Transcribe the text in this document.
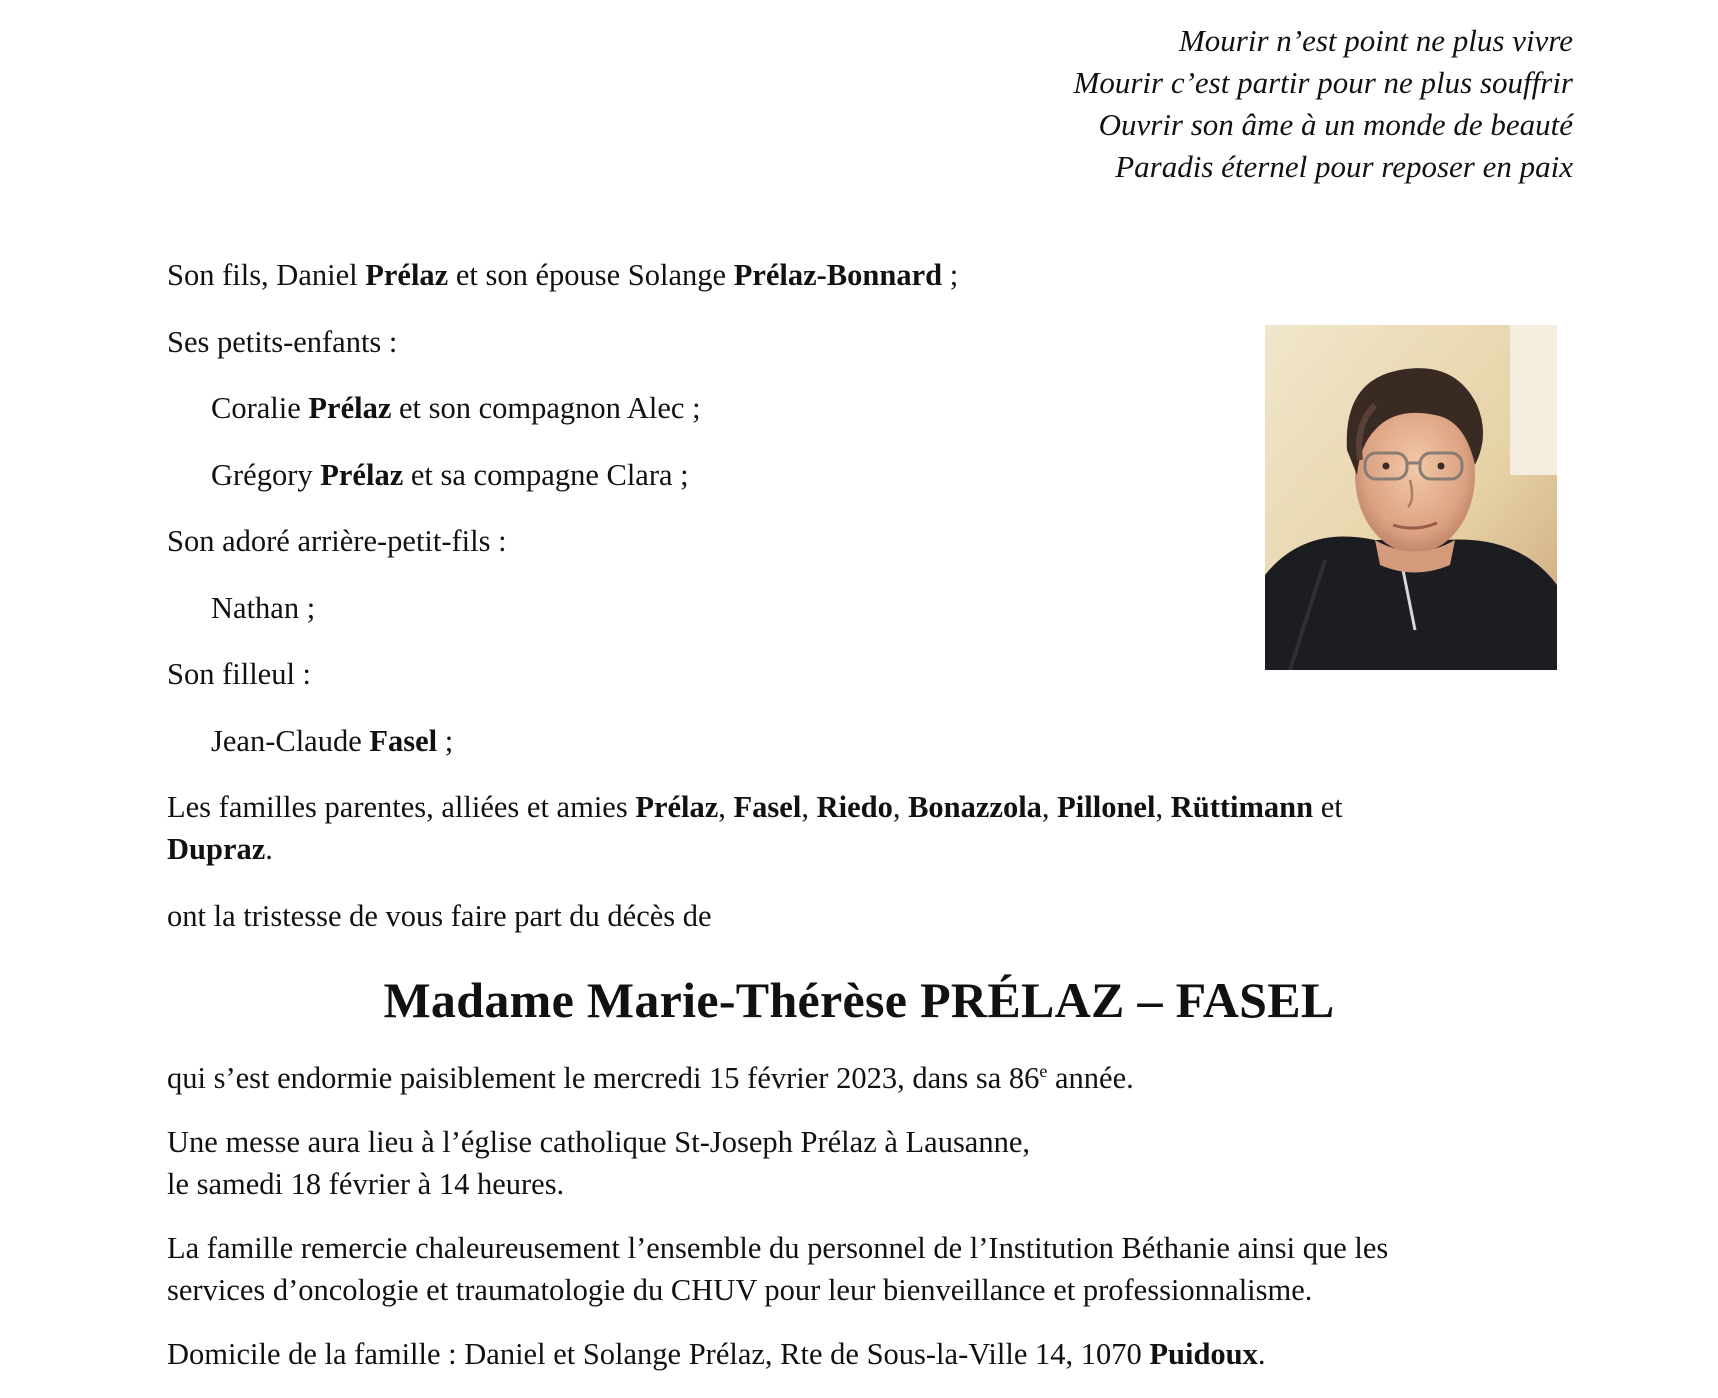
Mourir n’est point ne plus vivre
Mourir c’est partir pour ne plus souffrir
Ouvrir son âme à un monde de beauté
Paradis éternel pour reposer en paix

Son fils, Daniel Prélaz et son épouse Solange Prélaz-Bonnard ;

Ses petits-enfants :

Coralie Prélaz et son compagnon Alec ;

Grégory Prélaz et sa compagne Clara ;

Son adoré arrière-petit-fils :

Nathan ;

Son filleul :

Jean-Claude Fasel ;

Les familles parentes, alliées et amies Prélaz, Fasel, Riedo, Bonazzola, Pillonel, Rüttimann et
Dupraz.

ont la tristesse de vous faire part du décès de

Madame Marie-Thérèse PRÉLAZ – FASEL

qui s’est endormie paisiblement le mercredi 15 février 2023, dans sa 86e année.

Une messe aura lieu à l’église catholique St-Joseph Prélaz à Lausanne,
le samedi 18 février à 14 heures.

La famille remercie chaleureusement l’ensemble du personnel de l’Institution Béthanie ainsi que les
services d’oncologie et traumatologie du CHUV pour leur bienveillance et professionnalisme.

Domicile de la famille : Daniel et Solange Prélaz, Rte de Sous-la-Ville 14, 1070 Puidoux.
